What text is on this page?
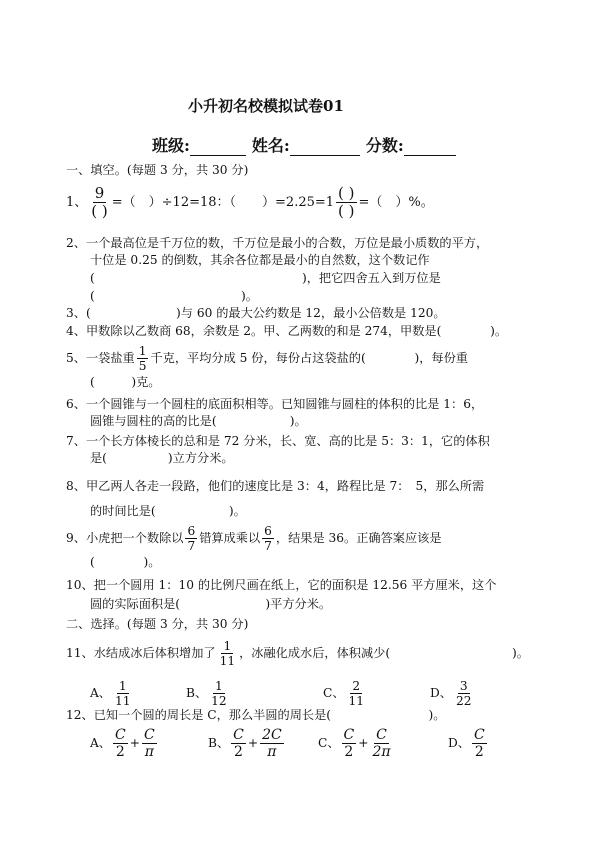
小升初名校模拟试卷01
班级:	姓名:	分数:
一、填空。(每题 3 分，共 30 分)
1、 $\frac{9}{( )}$ =（　）÷12=18：（　　）$=2.25=1 \frac{( )}{( )}$ =（　）%。
2、一个最高位是千万位的数，千万位是最小的合数，万位是最小质数的平方，
十位是 0.25 的倒数，其余各位都是最小的自然数，这个数记作
(　　　　　　　　　　　　　　　　　)，把它四舍五入到万位是
(　　　　　　　　　　　　)。
3、(　　　　　　　)与 60 的最大公约数是 12，最小公倍数是 120。
4、甲数除以乙数商 68，余数是 2。甲、乙两数的和是 274，甲数是(　　　　)。
5、一袋盐重 $\frac{1}{5}$ 千克，平均分成 5 份，每份占这袋盐的(　　　　)，每份重
(　　　)克。
6、一个圆锥与一个圆柱的底面积相等。已知圆锥与圆柱的体积的比是 1：6，
圆锥与圆柱的高的比是(　　　　　　)。
7、一个长方体棱长的总和是 72 分米，长、宽、高的比是 5：3：1，它的体积
是(　　　　　)立方分米。
8、甲乙两人各走一段路，他们的速度比是 3：4，路程比是 7：　5，那么所需
的时间比是(　　　　　　)。
9、小虎把一个数除以 $\frac{6}{7}$ 错算成乘以 $\frac{6}{7}$ ，结果是 36。正确答案应该是
(　　　　)。
10、把一个圆用 1：10 的比例尺画在纸上，它的面积是 12.56 平方厘米，这个
圆的实际面积是(　　　　　　　)平方分米。
二、选择。(每题 3 分，共 30 分)
11、水结成冰后体积增加了 $\frac{1}{11}$ ，冰融化成水后，体积减少(　　　　　　　　　　)。
A、 $\frac{1}{11}$	B、 $\frac{1}{12}$	C、 $\frac{2}{11}$	D、 $\frac{3}{22}$
12、已知一个圆的周长是 C，那么半圆的周长是(　　　　　　　　)。
A、 $\frac{C}{2} + \frac{C}{\pi}$	B、 $\frac{C}{2} + \frac{2C}{\pi}$	C、 $\frac{C}{2} + \frac{C}{2\pi}$	D、 $\frac{C}{2}$
